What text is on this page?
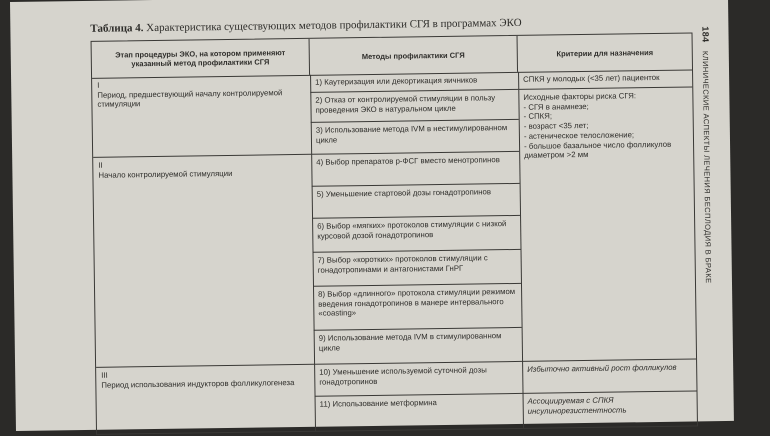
Таблица 4. Характеристика существующих методов профилактики СГЯ в программах ЭКО
Этап процедуры ЭКО, на котором применяют указанный метод профилактики СГЯ
Методы профилактики СГЯ	Критерии для назначения
I
Период, предшествующий началу контролируемой стимуляции
II
Начало контролируемой стимуляции
III
Период использования индукторов фолликулогенеза
1) Каутеризация или декортикация яичников
2) Отказ от контролируемой стимуляции в пользу проведения ЭКО в натуральном цикле
3) Использование метода IVM в нестимулированном цикле
4) Выбор препаратов р-ФСГ вместо менотропинов
5) Уменьшение стартовой дозы гонадотропинов
6) Выбор «мягких» протоколов стимуляции с низкой курсовой дозой гонадотропинов
7) Выбор «коротких» протоколов стимуляции с гонадотропинами и антагонистами ГнРГ
8) Выбор «длинного» протокола стимуляции режимом введения гонадотропинов в манере интервального «coasting»
9) Использование метода IVM в стимулированном цикле
10) Уменьшение используемой суточной дозы гонадотропинов
11) Использование метформина
СПКЯ у молодых (<35 лет) пациенток
Исходные факторы риска СГЯ:
- СГЯ в анамнезе;
- СПКЯ;
- возраст <35 лет;
- астеническое телосложение;
- большое базальное число фолликулов диаметром >2 мм
Избыточно активный рост фолликулов
Ассоциируемая с СПКЯ инсулинорезистентность
184 КЛИНИЧЕСКИЕ АСПЕКТЫ ЛЕЧЕНИЯ БЕСПЛОДИЯ В БРАКЕ
